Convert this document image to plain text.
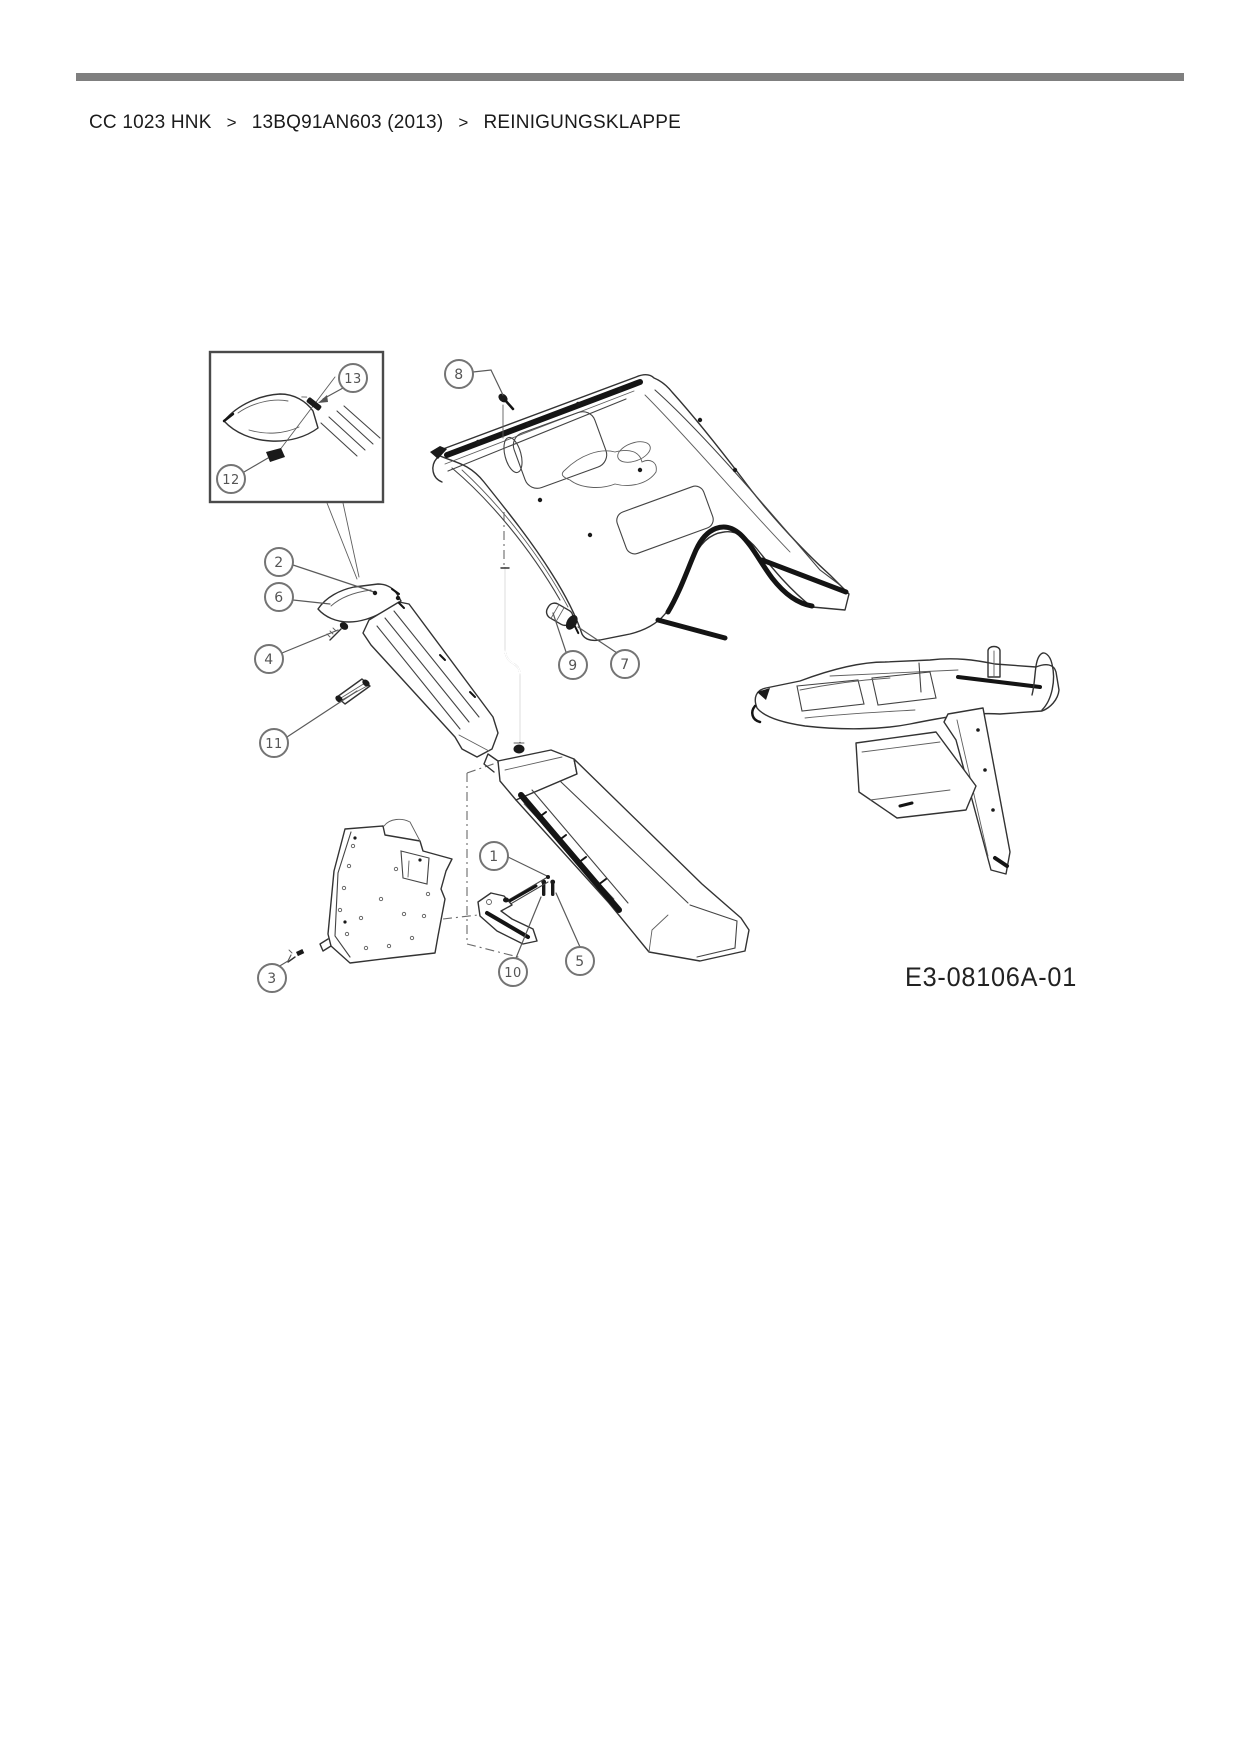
CC 1023 HNK > 13BQ91AN603 (2013) > REINIGUNGSKLAPPE
1
2
3
4
5
6
7
8
9
10
11
12
13
E3-08106A-01
